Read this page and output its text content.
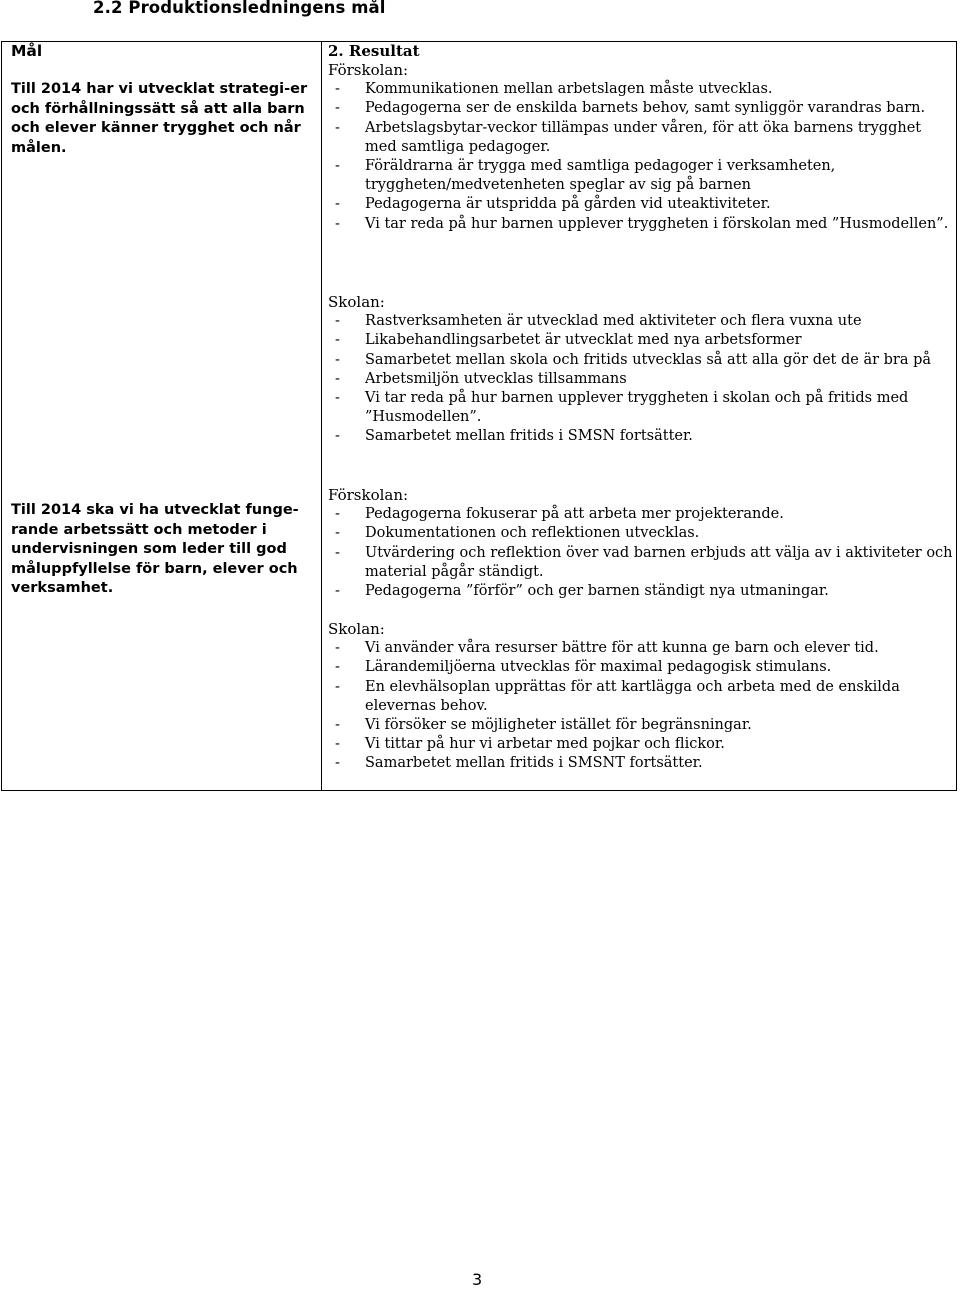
2.2 Produktionsledningens mål
Mål	2. Resultat
Till 2014 har vi utvecklat strategi-er och förhållningssätt så att alla barn och elever känner trygghet och når målen.
Till 2014 ska vi ha utvecklat funge-rande arbetssätt och metoder i undervisningen som leder till god måluppfyllelse för barn, elever och verksamhet.
Förskolan:
- Kommunikationen mellan arbetslagen måste utvecklas.
- Pedagogerna ser de enskilda barnets behov, samt synliggör varandras barn.
- Arbetslagsbytar-veckor tillämpas under våren, för att öka barnens trygghet med samtliga pedagoger.
- Föräldrarna är trygga med samtliga pedagoger i verksamheten, tryggheten/medvetenheten speglar av sig på barnen
- Pedagogerna är utspridda på gården vid uteaktiviteter.
- Vi tar reda på hur barnen upplever tryggheten i förskolan med ”Husmodellen”.
Skolan:
- Rastverksamheten är utvecklad med aktiviteter och flera vuxna ute
- Likabehandlingsarbetet är utvecklat med nya arbetsformer
- Samarbetet mellan skola och fritids utvecklas så att alla gör det de är bra på
- Arbetsmiljön utvecklas tillsammans
- Vi tar reda på hur barnen upplever tryggheten i skolan och på fritids med ”Husmodellen”.
- Samarbetet mellan fritids i SMSN fortsätter.
Förskolan:
- Pedagogerna fokuserar på att arbeta mer projekterande.
- Dokumentationen och reflektionen utvecklas.
- Utvärdering och reflektion över vad barnen erbjuds att välja av i aktiviteter och material pågår ständigt.
- Pedagogerna ”förför” och ger barnen ständigt nya utmaningar.
Skolan:
- Vi använder våra resurser bättre för att kunna ge barn och elever tid.
- Lärandemiljöerna utvecklas för maximal pedagogisk stimulans.
- En elevhälsoplan upprättas för att kartlägga och arbeta med de enskilda elevernas behov.
- Vi försöker se möjligheter istället för begränsningar.
- Vi tittar på hur vi arbetar med pojkar och flickor.
- Samarbetet mellan fritids i SMSNT fortsätter.
3
